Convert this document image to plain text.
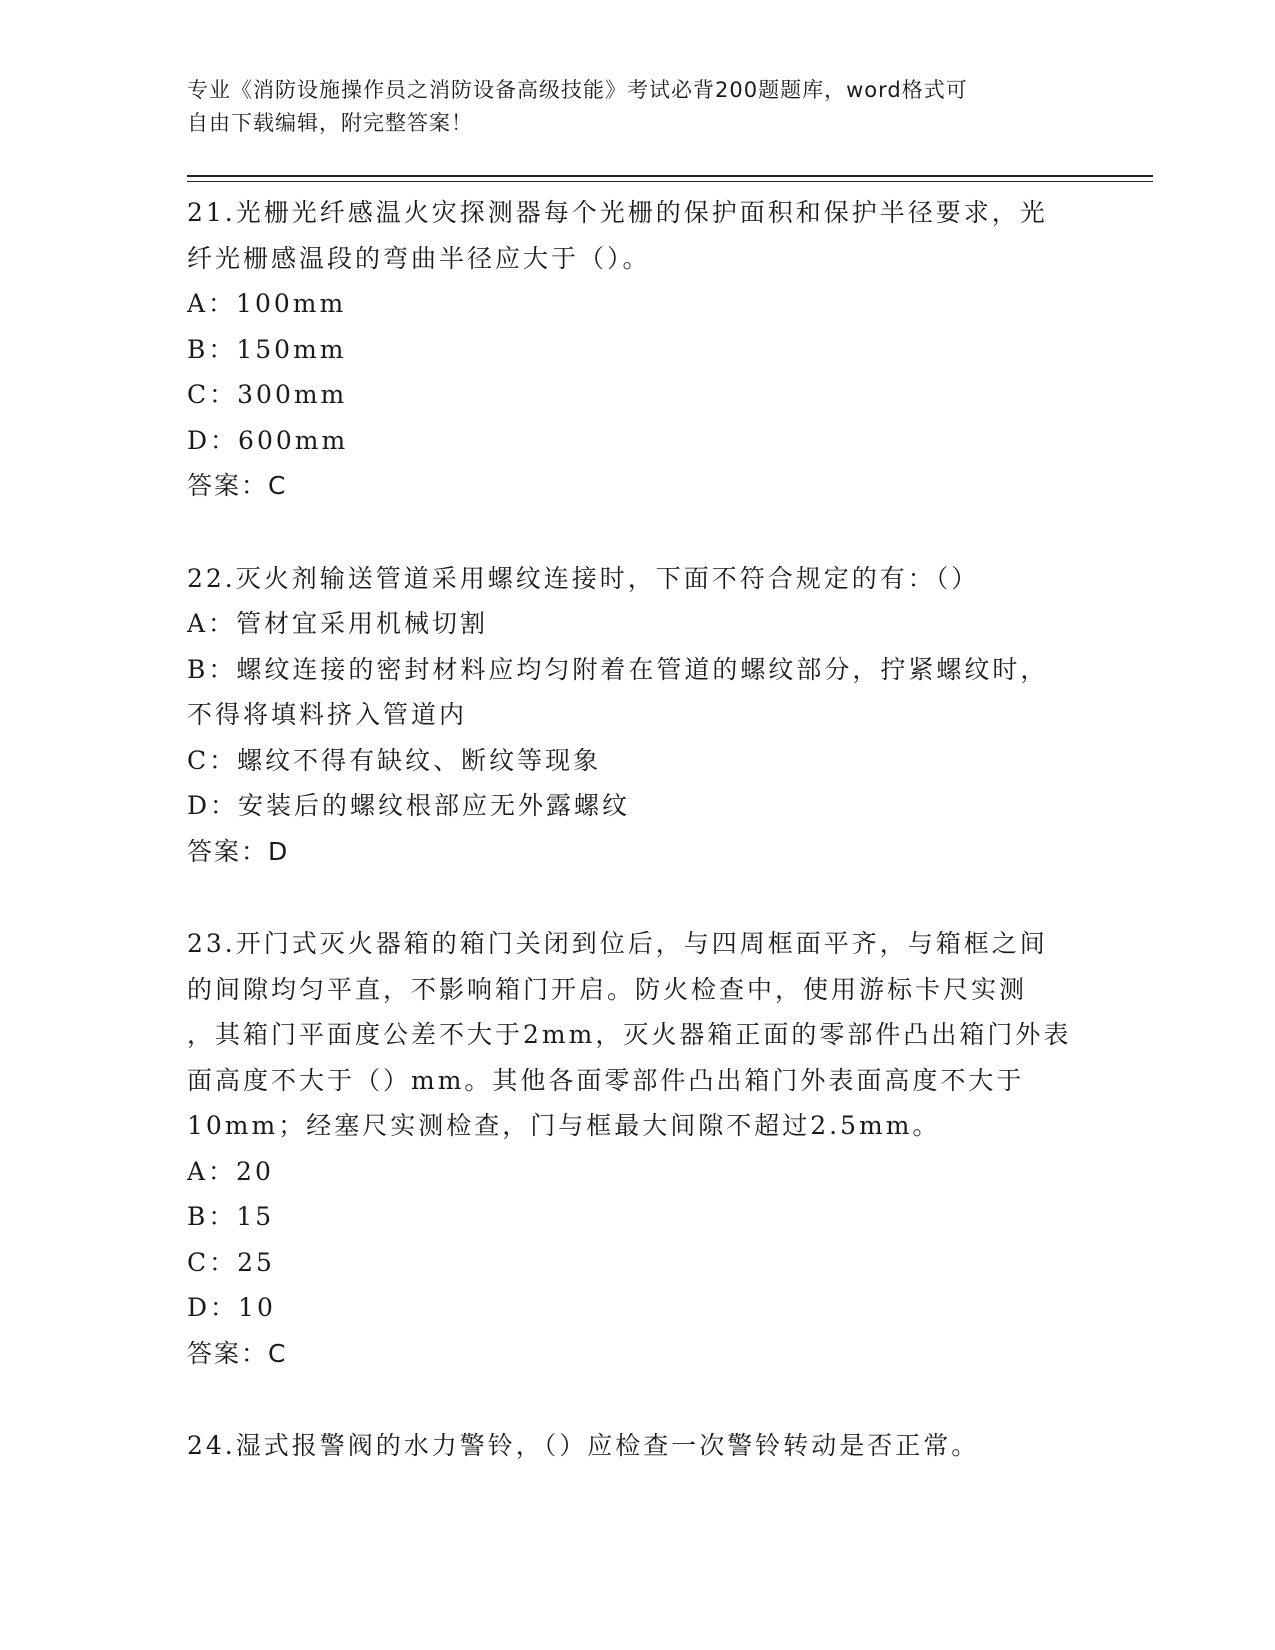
专业《消防设施操作员之消防设备高级技能》考试必背200题题库，word格式可
自由下载编辑，附完整答案！
21.光栅光纤感温火灾探测器每个光栅的保护面积和保护半径要求，光
纤光栅感温段的弯曲半径应大于（）。
A：100mm
B：150mm
C：300mm
D：600mm
答案：C
22.灭火剂输送管道采用螺纹连接时，下面不符合规定的有：（）
A：管材宜采用机械切割
B：螺纹连接的密封材料应均匀附着在管道的螺纹部分，拧紧螺纹时，
不得将填料挤入管道内
C：螺纹不得有缺纹、断纹等现象
D：安装后的螺纹根部应无外露螺纹
答案：D
23.开门式灭火器箱的箱门关闭到位后，与四周框面平齐，与箱框之间
的间隙均匀平直，不影响箱门开启。防火检查中，使用游标卡尺实测
，其箱门平面度公差不大于2mm，灭火器箱正面的零部件凸出箱门外表
面高度不大于（）mm。其他各面零部件凸出箱门外表面高度不大于
10mm；经塞尺实测检查，门与框最大间隙不超过2.5mm。
A：20
B：15
C：25
D：10
答案：C
24.湿式报警阀的水力警铃，（）应检查一次警铃转动是否正常。
